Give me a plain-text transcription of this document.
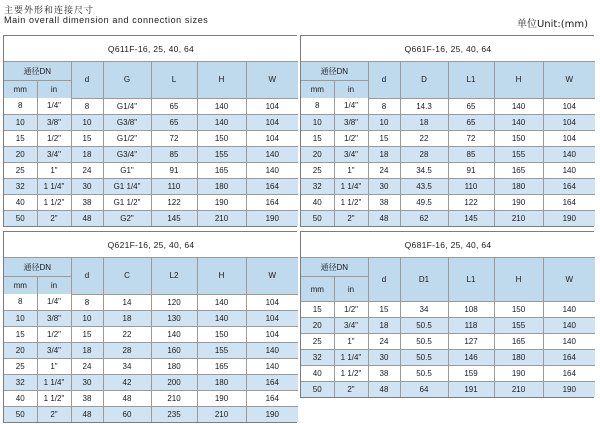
主要外形和连接尺寸
Main overall dimension and connection sizes	单位Unit:(mm)
Q611F-16, 25, 40, 64						
通径DN		d	G	L	H	W
mm	in					
8	1/4"	8	G1/4"	65	140	104
10	3/8"	10	G3/8"	65	140	104
15	1/2"	15	G1/2"	72	150	104
20	3/4"	18	G3/4"	85	155	140
25	1"	24	G1"	91	165	140
32	1 1/4"	30	G1 1/4"	110	180	164
40	1 1/2"	38	G1 1/2"	122	190	164
50	2"	48	G2"	145	210	190
Q661F-16, 25, 40, 64						
通径DN		d	D	L1	H	W
mm	in					
8	1/4"	8	14.3	65	140	104
10	3/8"	10	18	65	140	104
15	1/2"	15	22	72	150	104
20	3/4"	18	28	85	155	140
25	1"	24	34.5	91	165	140
32	1 1/4"	30	43.5	110	180	164
40	1 1/2"	38	49.5	122	190	164
50	2"	48	62	145	210	190
Q621F-16, 25, 40, 64						
通径DN		d	C	L2	H	W
mm	in					
8	1/4"	8	14	120	140	104
10	3/8"	10	18	130	140	104
15	1/2"	15	22	140	150	104
20	3/4"	18	28	160	155	140
25	1"	24	34	180	165	140
32	1 1/4"	30	42	200	180	164
40	1 1/2"	38	48	210	190	164
50	2"	48	60	235	210	190
Q681F-16, 25, 40, 64						
通径DN		d	D1	L1	H	W
mm	in					

15	1/2"	15	34	108	150	140
20	3/4"	18	50.5	118	155	140
25	1"	24	50.5	127	165	140
32	1 1/4"	30	50.5	146	180	164
40	1 1/2"	38	50.5	159	190	164
50	2"	48	64	191	210	190
